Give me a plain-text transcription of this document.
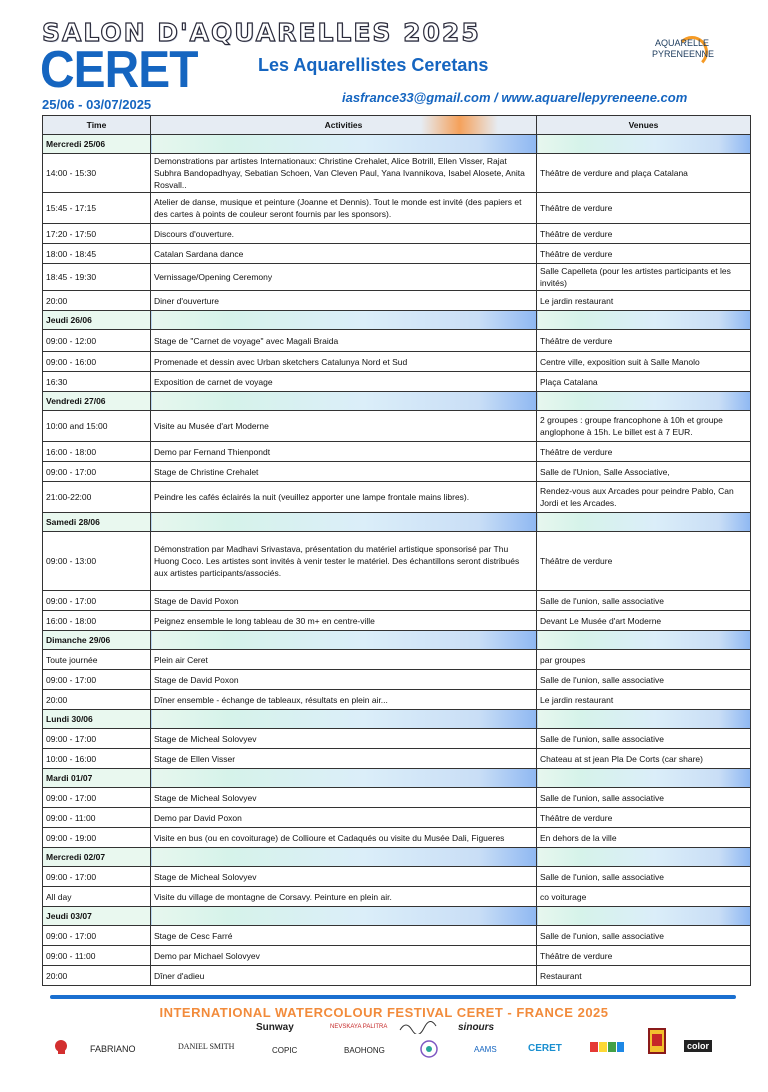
SALON D'AQUARELLES 2025
CERET
25/06 - 03/07/2025
Les Aquarellistes Ceretans
iasfrance33@gmail.com / www.aquarellepyreneene.com
AQUARELLE
PYRENEENNE
Time	Activities	Venues
Mercredi 25/06		
14:00 - 15:30	Demonstrations par artistes Internationaux: Christine Crehalet, Alice Botrill, Ellen Visser, Rajat Subhra Bandopadhyay, Sebatian Schoen, Van Cleven Paul, Yana Ivannikova, Isabel Alosete, Anita Rosvall..	Théâtre de verdure and plaça Catalana
15:45 - 17:15	Atelier de danse, musique et peinture (Joanne et Dennis). Tout le monde est invité (des papiers et des cartes à points de couleur seront fournis par les sponsors).	Théâtre de verdure
17:20 - 17:50	Discours d'ouverture.	Théâtre de verdure
18:00 - 18:45	Catalan Sardana dance	Théâtre de verdure
18:45 - 19:30	Vernissage/Opening Ceremony	Salle Capelleta (pour les artistes participants et les invités)
20:00	Diner d'ouverture	Le jardin restaurant
Jeudi 26/06		
09:00 - 12:00	Stage de "Carnet de voyage" avec Magali Braida	Théâtre de verdure
09:00 - 16:00	Promenade et dessin avec Urban sketchers Catalunya Nord et Sud	Centre ville, exposition suit à Salle Manolo
16:30	Exposition de carnet de voyage	Plaça Catalana
Vendredi 27/06		
10:00 and 15:00	Visite au Musée d'art Moderne	2 groupes : groupe francophone à 10h et groupe anglophone à 15h. Le billet est à 7 EUR.
16:00 - 18:00	Demo par Fernand Thienpondt	Théâtre de verdure
09:00 - 17:00	Stage de Christine Crehalet	Salle de l'Union, Salle Associative,
21:00-22:00	Peindre les cafés éclairés la nuit (veuillez apporter une lampe frontale mains libres).	Rendez-vous aux Arcades pour peindre Pablo, Can Jordi et les Arcades.
Samedi 28/06		
09:00 - 13:00	Démonstration par Madhavi Srivastava, présentation du matériel artistique sponsorisé par Thu Huong Coco. Les artistes sont invités à venir tester le matériel. Des échantillons seront distribués aux artistes participants/associés.	Théâtre de verdure
09:00 - 17:00	Stage de David Poxon	Salle de l'union, salle associative
16:00 - 18:00	Peignez ensemble le long tableau de 30 m+ en centre-ville	Devant Le Musée d'art Moderne
Dimanche 29/06		
Toute journée	Plein air Ceret	par groupes
09:00 - 17:00	Stage de David Poxon	Salle de l'union, salle associative
20:00	Dîner ensemble - échange de tableaux, résultats en plein air...	Le jardin restaurant
Lundi 30/06		
09:00 - 17:00	Stage de Micheal Solovyev	Salle de l'union, salle associative
10:00 - 16:00	Stage de Ellen Visser	Chateau at st jean Pla De Corts (car share)
Mardi 01/07		
09:00 - 17:00	Stage de Micheal Solovyev	Salle de l'union, salle associative
09:00 - 11:00	Demo par David Poxon	Théâtre de verdure
09:00 - 19:00	Visite en bus (ou en covoiturage) de Collioure et Cadaqués ou visite du Musée Dali, Figueres	En dehors de la ville
Mercredi 02/07		
09:00 - 17:00	Stage de Micheal Solovyev	Salle de l'union, salle associative
All day	Visite du village de montagne de Corsavy. Peinture en plein air.	co voiturage
Jeudi 03/07		
09:00 - 17:00	Stage de Cesc Farré	Salle de l'union, salle associative
09:00 - 11:00	Demo par Michael Solovyev	Théâtre de verdure
20:00	Dîner d'adieu	Restaurant
INTERNATIONAL WATERCOLOUR FESTIVAL CERET - FRANCE 2025
Sunway	NEVSKAYA PALITRA	sinours
FABRIANO	DANIEL SMITH	COPIC	BAOHONG	AAMS	CERET	color
